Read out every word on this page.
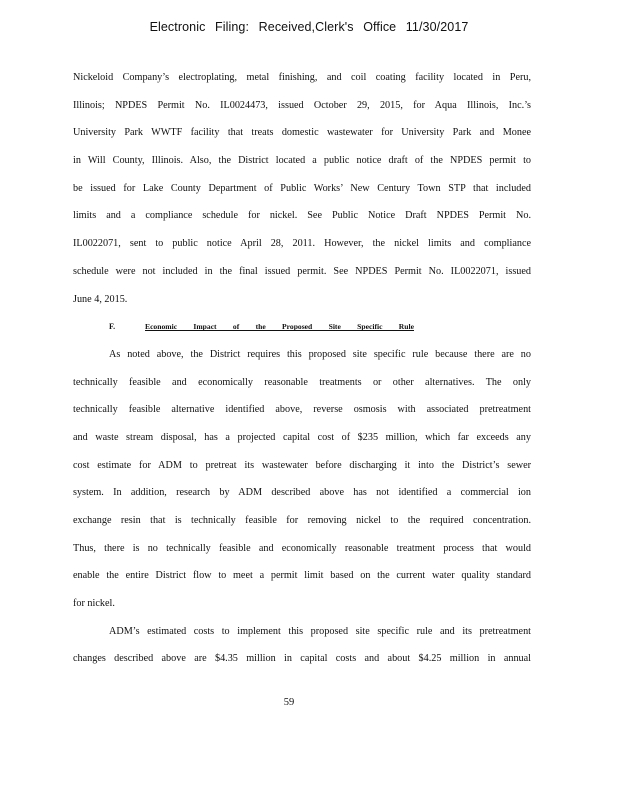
Electronic Filing: Received,Clerk's Office 11/30/2017
Nickeloid Company’s electroplating, metal finishing, and coil coating facility located in Peru,
Illinois; NPDES Permit No. IL0024473, issued October 29, 2015, for Aqua Illinois, Inc.’s
University Park WWTF facility that treats domestic wastewater for University Park and Monee
in Will County, Illinois. Also, the District located a public notice draft of the NPDES permit to
be issued for Lake County Department of Public Works’ New Century Town STP that included
limits and a compliance schedule for nickel. See Public Notice Draft NPDES Permit No.
IL0022071, sent to public notice April 28, 2011. However, the nickel limits and compliance
schedule were not included in the final issued permit. See NPDES Permit No. IL0022071, issued
June 4, 2015.
F.	Economic Impact of the Proposed Site Specific Rule
As noted above, the District requires this proposed site specific rule because there are no
technically feasible and economically reasonable treatments or other alternatives. The only
technically feasible alternative identified above, reverse osmosis with associated pretreatment
and waste stream disposal, has a projected capital cost of $235 million, which far exceeds any
cost estimate for ADM to pretreat its wastewater before discharging it into the District’s sewer
system. In addition, research by ADM described above has not identified a commercial ion
exchange resin that is technically feasible for removing nickel to the required concentration.
Thus, there is no technically feasible and economically reasonable treatment process that would
enable the entire District flow to meet a permit limit based on the current water quality standard
for nickel.
ADM’s estimated costs to implement this proposed site specific rule and its pretreatment
changes described above are $4.35 million in capital costs and about $4.25 million in annual
59
